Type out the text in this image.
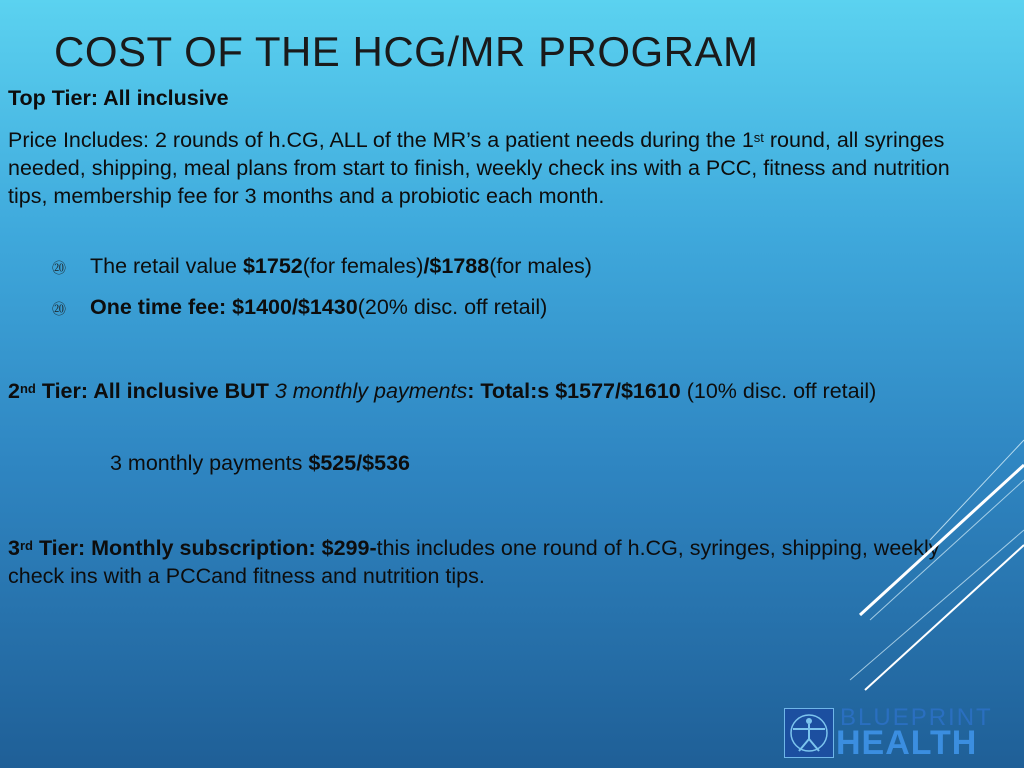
COST OF THE HCG/MR PROGRAM
Top Tier: All inclusive
Price Includes: 2 rounds of h.CG, ALL of the MR’s a patient needs during the 1st round, all syringes needed, shipping, meal plans from start to finish, weekly check ins with a PCC, fitness and nutrition tips, membership fee for 3 months and a probiotic each month.
⑳ The retail value $1752(for females)/$1788(for males)
⑳ One time fee: $1400/$1430(20% disc. off retail)
2nd Tier: All inclusive BUT 3 monthly payments: Total:s $1577/$1610 (10% disc. off retail)
3 monthly payments $525/$536
3rd Tier: Monthly subscription: $299-this includes one round of h.CG, syringes, shipping, weekly check ins with a PCCand fitness and nutrition tips.
BLUEPRINT
HEALTH
